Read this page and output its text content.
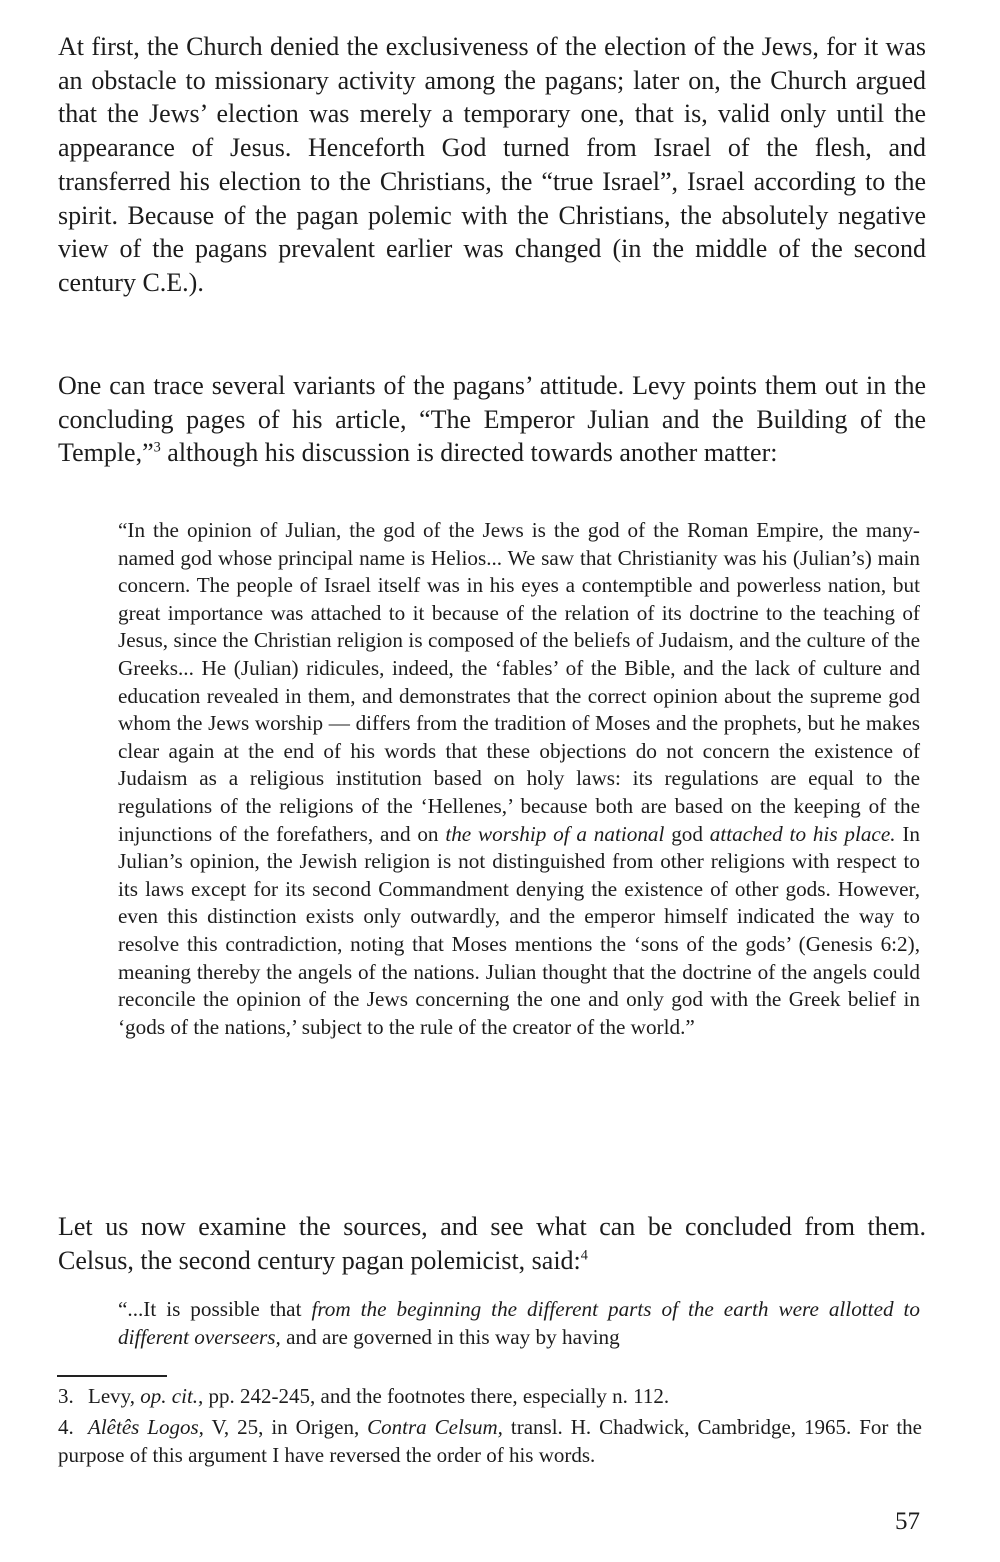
At first, the Church denied the exclusiveness of the election of the Jews, for it was an obstacle to missionary activity among the pagans; later on, the Church argued that the Jews’ election was merely a temporary one, that is, valid only until the appearance of Jesus. Henceforth God turned from Israel of the flesh, and transferred his election to the Christians, the “true Israel”, Israel according to the spirit. Because of the pagan polemic with the Christians, the absolutely negative view of the pagans prevalent earlier was changed (in the middle of the second century C.E.).

One can trace several variants of the pagans’ attitude. Levy points them out in the concluding pages of his article, “The Emperor Julian and the Building of the Temple,”$^3$ although his discussion is directed towards another matter:

“In the opinion of Julian, the god of the Jews is the god of the Roman Empire, the many-named god whose principal name is Helios... We saw that Christianity was his (Julian’s) main concern. The people of Israel itself was in his eyes a contemptible and powerless nation, but great importance was attached to it because of the relation of its doctrine to the teaching of Jesus, since the Christian religion is composed of the beliefs of Judaism, and the culture of the Greeks... He (Julian) ridicules, indeed, the ‘fables’ of the Bible, and the lack of culture and education revealed in them, and demonstrates that the correct opinion about the supreme god whom the Jews worship — differs from the tradition of Moses and the prophets, but he makes clear again at the end of his words that these objections do not concern the existence of Judaism as a religious institution based on holy laws: its regulations are equal to the regulations of the religions of the ‘Hellenes,’ because both are based on the keeping of the injunctions of the forefathers, and on the worship of a national god attached to his place. In Julian’s opinion, the Jewish religion is not distinguished from other religions with respect to its laws except for its second Commandment denying the existence of other gods. However, even this distinction exists only outwardly, and the emperor himself indicated the way to resolve this contradiction, noting that Moses mentions the ‘sons of the gods’ (Genesis 6:2), meaning thereby the angels of the nations. Julian thought that the doctrine of the angels could reconcile the opinion of the Jews concerning the one and only god with the Greek belief in ‘gods of the nations,’ subject to the rule of the creator of the world.”

Let us now examine the sources, and see what can be concluded from them. Celsus, the second century pagan polemicist, said:$^4$

“...It is possible that from the beginning the different parts of the earth were allotted to different overseers, and are governed in this way by having

3. Levy, op. cit., pp. 242-245, and the footnotes there, especially n. 112.

4. Alêtês Logos, V, 25, in Origen, Contra Celsum, transl. H. Chadwick, Cambridge, 1965. For the purpose of this argument I have reversed the order of his words.

57
